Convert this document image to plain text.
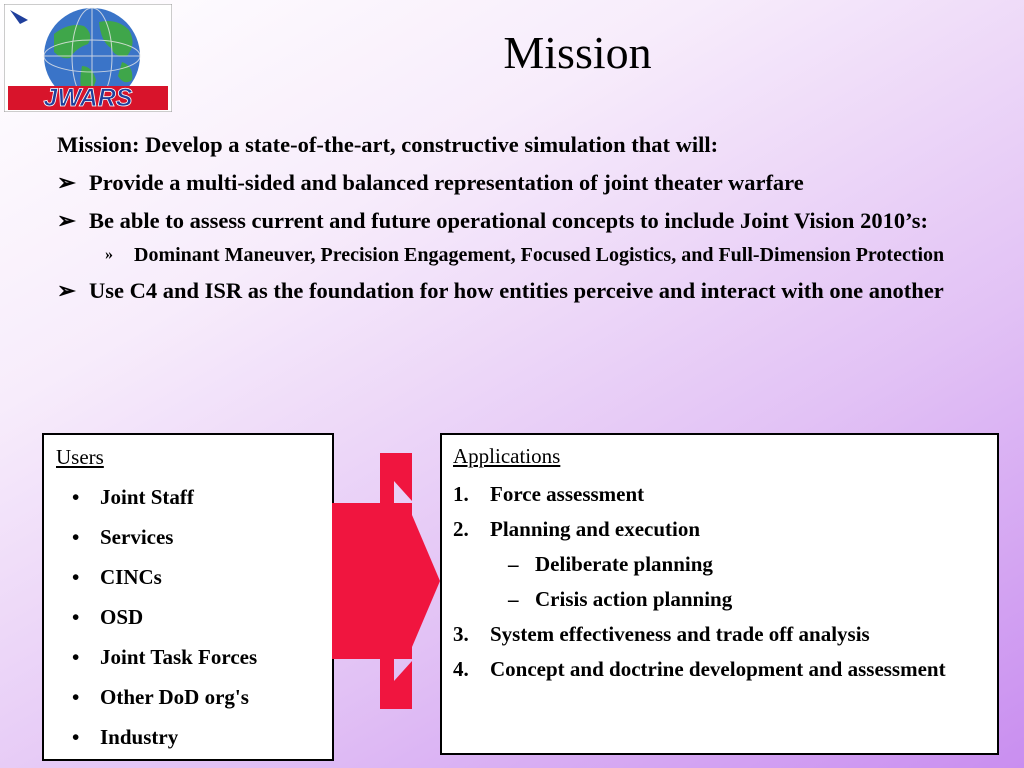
JWARS
Mission

Mission: Develop a state-of-the-art, constructive simulation that will:

➢ Provide a multi-sided and balanced representation of joint theater warfare

➢ Be able to assess current and future operational concepts to include Joint Vision 2010’s:

» Dominant Maneuver, Precision Engagement, Focused Logistics, and Full-Dimension Protection

➢ Use C4 and ISR as the foundation for how entities perceive and interact with one another

Users
• Joint Staff
• Services
• CINCs
• OSD
• Joint Task Forces
• Other DoD org's
• Industry
Applications
1. Force assessment
2. Planning and execution
– Deliberate planning
– Crisis action planning
3. System effectiveness and trade off analysis
4. Concept and doctrine development and assessment
